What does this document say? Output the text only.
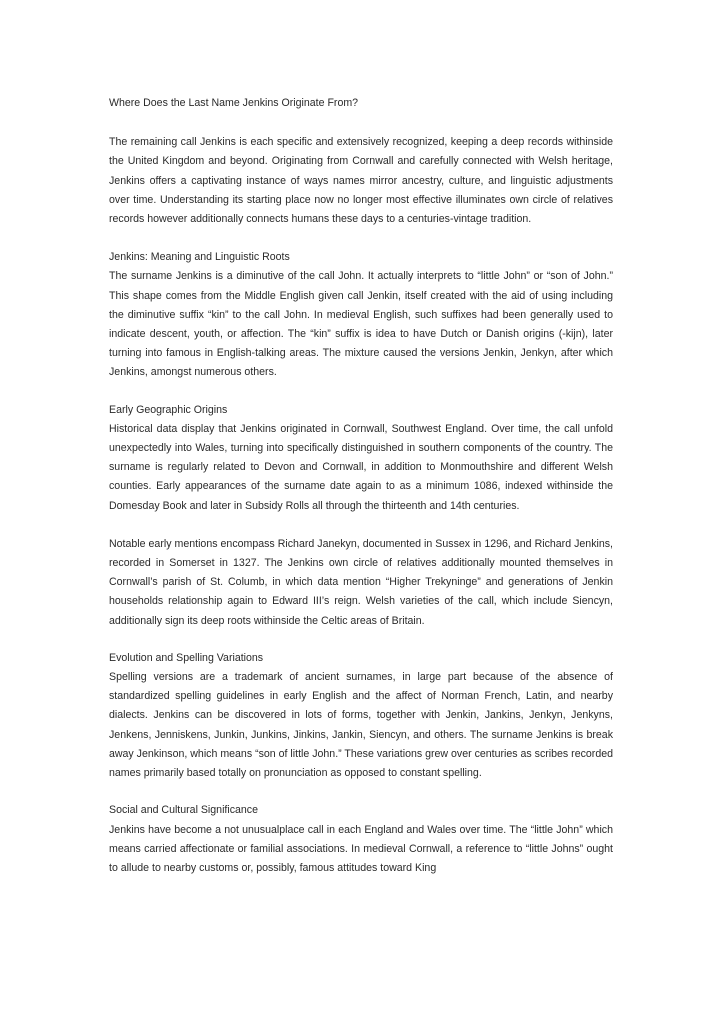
Where Does the Last Name Jenkins Originate From?

The remaining call Jenkins is each specific and extensively recognized, keeping a deep records withinside the United Kingdom and beyond. Originating from Cornwall and carefully connected with Welsh heritage, Jenkins offers a captivating instance of ways names mirror ancestry, culture, and linguistic adjustments over time. Understanding its starting place now no longer most effective illuminates own circle of relatives records however additionally connects humans these days to a centuries-vintage tradition.

Jenkins: Meaning and Linguistic Roots

The surname Jenkins is a diminutive of the call John. It actually interprets to “little John” or “son of John.” This shape comes from the Middle English given call Jenkin, itself created with the aid of using including the diminutive suffix “kin” to the call John. In medieval English, such suffixes had been generally used to indicate descent, youth, or affection. The “kin” suffix is idea to have Dutch or Danish origins (-kijn), later turning into famous in English-talking areas. The mixture caused the versions Jenkin, Jenkyn, after which Jenkins, amongst numerous others.

Early Geographic Origins

Historical data display that Jenkins originated in Cornwall, Southwest England. Over time, the call unfold unexpectedly into Wales, turning into specifically distinguished in southern components of the country. The surname is regularly related to Devon and Cornwall, in addition to Monmouthshire and different Welsh counties. Early appearances of the surname date again to as a minimum 1086, indexed withinside the Domesday Book and later in Subsidy Rolls all through the thirteenth and 14th centuries.

Notable early mentions encompass Richard Janekyn, documented in Sussex in 1296, and Richard Jenkins, recorded in Somerset in 1327. The Jenkins own circle of relatives additionally mounted themselves in Cornwall’s parish of St. Columb, in which data mention “Higher Trekyninge” and generations of Jenkin households relationship again to Edward III’s reign. Welsh varieties of the call, which include Siencyn, additionally sign its deep roots withinside the Celtic areas of Britain.

Evolution and Spelling Variations

Spelling versions are a trademark of ancient surnames, in large part because of the absence of standardized spelling guidelines in early English and the affect of Norman French, Latin, and nearby dialects. Jenkins can be discovered in lots of forms, together with Jenkin, Jankins, Jenkyn, Jenkyns, Jenkens, Jenniskens, Junkin, Junkins, Jinkins, Jankin, Siencyn, and others. The surname Jenkins is break away Jenkinson, which means “son of little John.” These variations grew over centuries as scribes recorded names primarily based totally on pronunciation as opposed to constant spelling.

Social and Cultural Significance

Jenkins have become a not unusualplace call in each England and Wales over time. The “little John” which means carried affectionate or familial associations. In medieval Cornwall, a reference to “little Johns” ought to allude to nearby customs or, possibly, famous attitudes toward King
